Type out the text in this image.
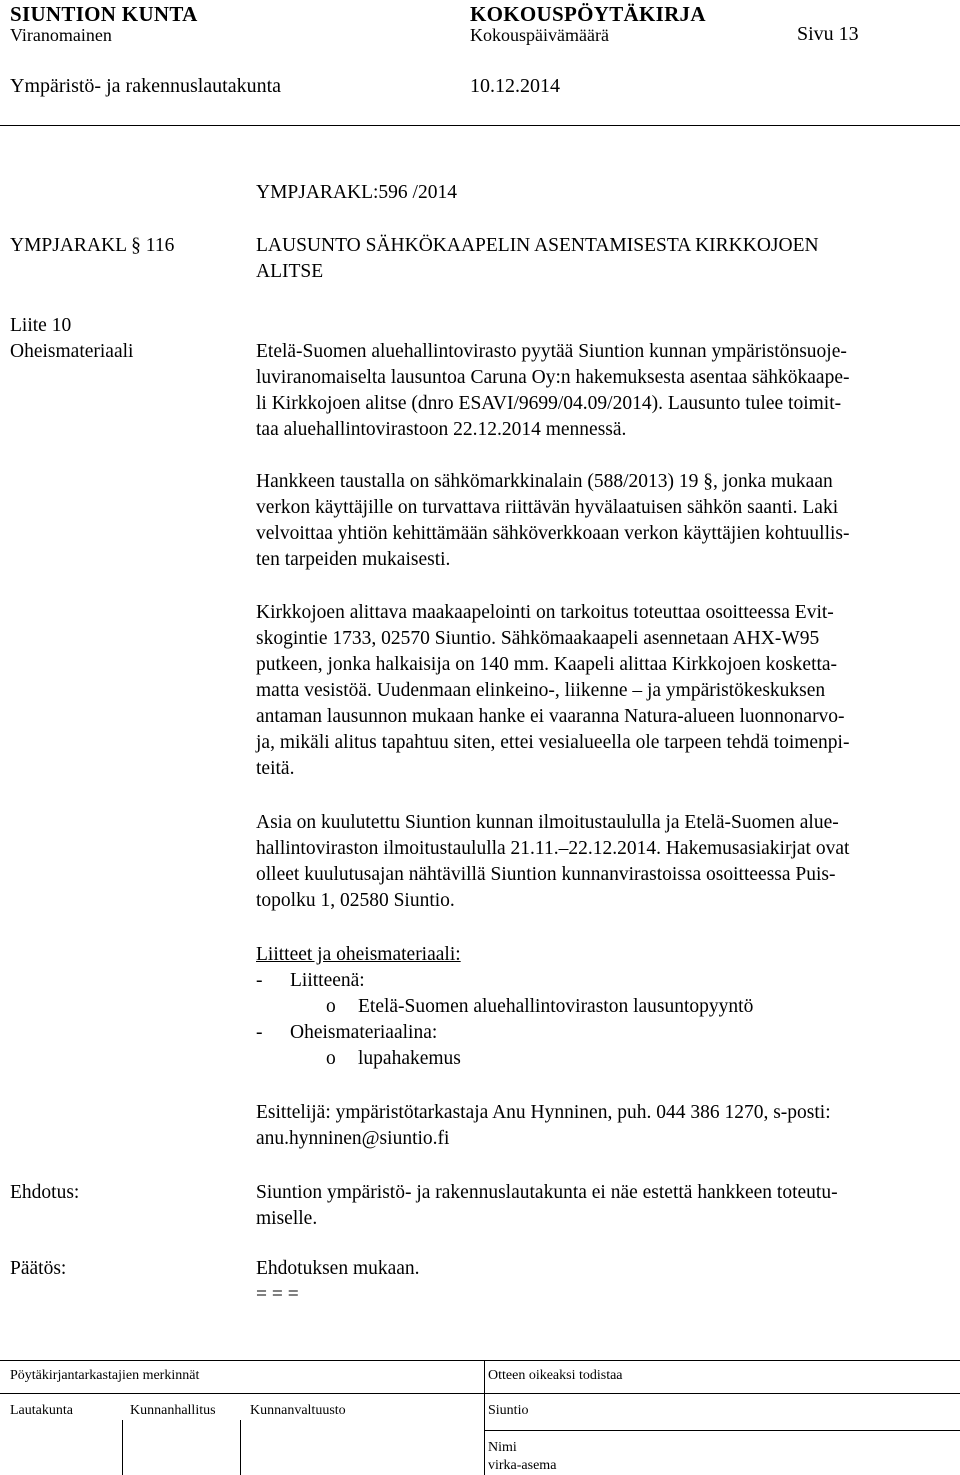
SIUNTION KUNTA	KOKOUSPÖYTÄKIRJA
Viranomainen	Kokouspäivämäärä	Sivu 13
Ympäristö- ja rakennuslautakunta	10.12.2014
YMPJARAKL:596 /2014
YMPJARAKL § 116	LAUSUNTO SÄHKÖKAAPELIN ASENTAMISESTA KIRKKOJOEN
ALITSE
Liite 10
Oheismateriaali	Etelä-Suomen aluehallintovirasto pyytää Siuntion kunnan ympäristönsuoje-

luviranomaiselta lausuntoa Caruna Oy:n hakemuksesta asentaa sähkökaape-

li Kirkkojoen alitse (dnro ESAVI/9699/04.09/2014). Lausunto tulee toimit-

taa aluehallintovirastoon 22.12.2014 mennessä.

Hankkeen taustalla on sähkömarkkinalain (588/2013) 19 §, jonka mukaan

verkon käyttäjille on turvattava riittävän hyvälaatuisen sähkön saanti. Laki

velvoittaa yhtiön kehittämään sähköverkkoaan verkon käyttäjien kohtuullis-

ten tarpeiden mukaisesti.

Kirkkojoen alittava maakaapelointi on tarkoitus toteuttaa osoitteessa Evit-

skogintie 1733, 02570 Siuntio. Sähkömaakaapeli asennetaan AHX-W95

putkeen, jonka halkaisija on 140 mm. Kaapeli alittaa Kirkkojoen kosketta-

matta vesistöä. Uudenmaan elinkeino-, liikenne – ja ympäristökeskuksen

antaman lausunnon mukaan hanke ei vaaranna Natura-alueen luonnonarvo-

ja, mikäli alitus tapahtuu siten, ettei vesialueella ole tarpeen tehdä toimenpi-

teitä.

Asia on kuulutettu Siuntion kunnan ilmoitustaululla ja Etelä-Suomen alue-

hallintoviraston ilmoitustaululla 21.11.–22.12.2014. Hakemusasiakirjat ovat

olleet kuulutusajan nähtävillä Siuntion kunnanvirastoissa osoitteessa Puis-

topolku 1, 02580 Siuntio.

Liitteet ja oheismateriaali:
- Liitteenä:
o Etelä-Suomen aluehallintoviraston lausuntopyyntö
- Oheismateriaalina:
o lupahakemus
Esittelijä: ympäristötarkastaja Anu Hynninen, puh. 044 386 1270, s-posti:
anu.hynninen@siuntio.fi
Ehdotus:	Siuntion ympäristö- ja rakennuslautakunta ei näe estettä hankkeen toteutu-
miselle.
Päätös:	Ehdotuksen mukaan.
= = =
Pöytäkirjantarkastajien merkinnät	Otteen oikeaksi todistaa
Lautakunta	Kunnanhallitus Kunnanvaltuusto	Siuntio
Nimi
virka-asema
